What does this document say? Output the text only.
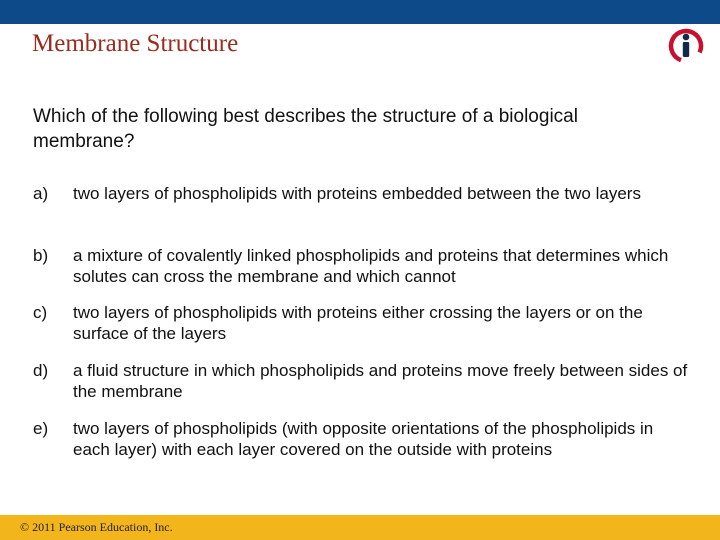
Membrane Structure
Which of the following best describes the structure of a biological membrane?
a) two layers of phospholipids with proteins embedded between the two layers
b) a mixture of covalently linked phospholipids and proteins that determines which solutes can cross the membrane and which cannot
c) two layers of phospholipids with proteins either crossing the layers or on the surface of the layers
d) a fluid structure in which phospholipids and proteins move freely between sides of the membrane
e) two layers of phospholipids (with opposite orientations of the phospholipids in each layer) with each layer covered on the outside with proteins
© 2011 Pearson Education, Inc.
